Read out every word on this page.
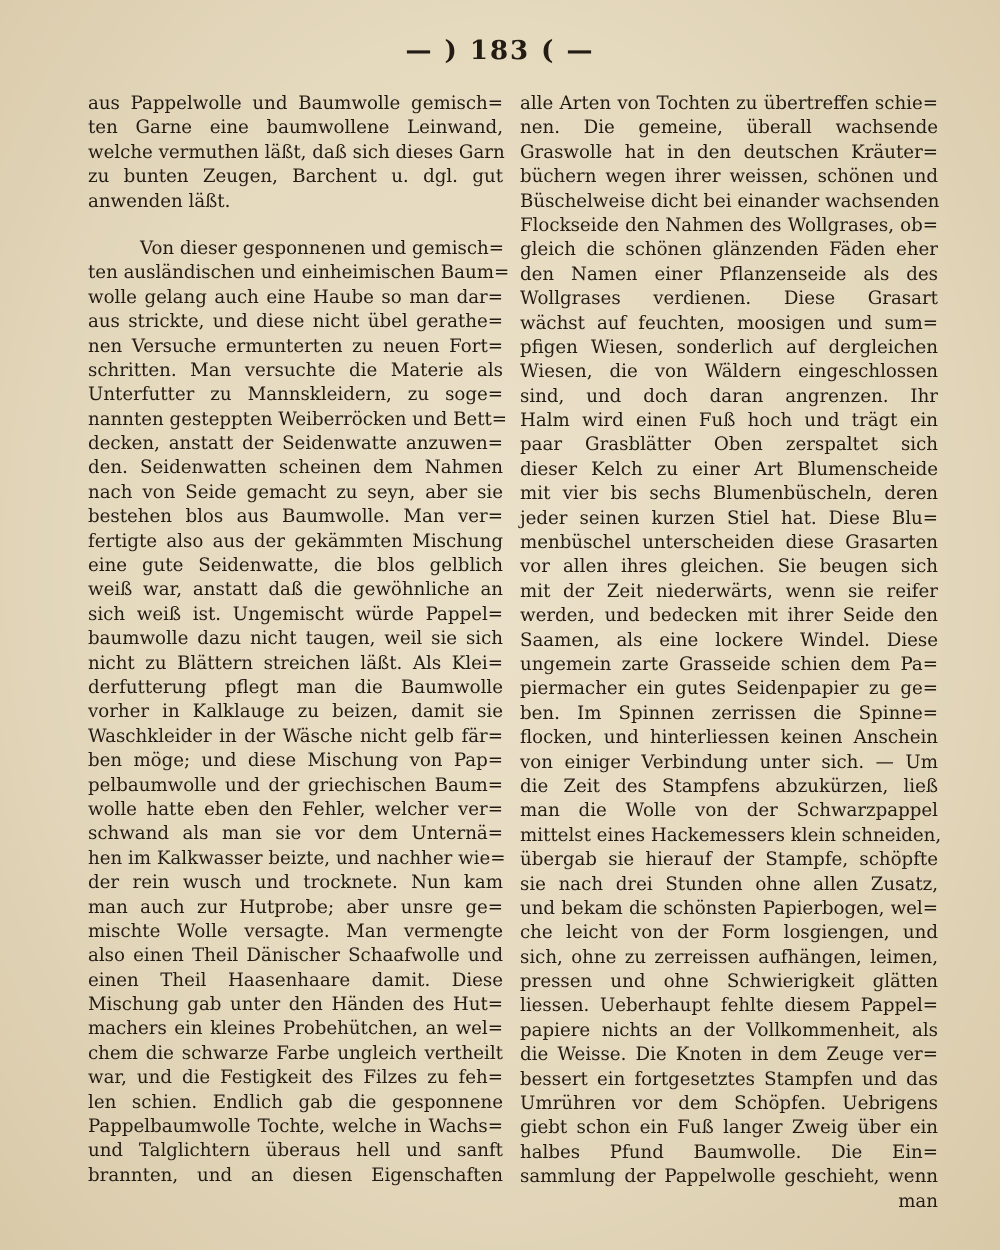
— ) 183 ( —
aus Pappelwolle und Baumwolle gemisch=
ten Garne eine baumwollene Leinwand,
welche vermuthen läßt, daß sich dieses Garn
zu bunten Zeugen, Barchent u. dgl. gut
anwenden läßt.
Von dieser gesponnenen und gemisch=
ten ausländischen und einheimischen Baum=
wolle gelang auch eine Haube so man dar=
aus strickte, und diese nicht übel gerathe=
nen Versuche ermunterten zu neuen Fort=
schritten. Man versuchte die Materie als
Unterfutter zu Mannskleidern, zu soge=
nannten gesteppten Weiberröcken und Bett=
decken, anstatt der Seidenwatte anzuwen=
den. Seidenwatten scheinen dem Nahmen
nach von Seide gemacht zu seyn, aber sie
bestehen blos aus Baumwolle. Man ver=
fertigte also aus der gekämmten Mischung
eine gute Seidenwatte, die blos gelblich
weiß war, anstatt daß die gewöhnliche an
sich weiß ist. Ungemischt würde Pappel=
baumwolle dazu nicht taugen, weil sie sich
nicht zu Blättern streichen läßt. Als Klei=
derfutterung pflegt man die Baumwolle
vorher in Kalklauge zu beizen, damit sie
Waschkleider in der Wäsche nicht gelb fär=
ben möge; und diese Mischung von Pap=
pelbaumwolle und der griechischen Baum=
wolle hatte eben den Fehler, welcher ver=
schwand als man sie vor dem Unternä=
hen im Kalkwasser beizte, und nachher wie=
der rein wusch und trocknete. Nun kam
man auch zur Hutprobe; aber unsre ge=
mischte Wolle versagte. Man vermengte
also einen Theil Dänischer Schaafwolle und
einen Theil Haasenhaare damit. Diese
Mischung gab unter den Händen des Hut=
machers ein kleines Probehütchen, an wel=
chem die schwarze Farbe ungleich vertheilt
war, und die Festigkeit des Filzes zu feh=
len schien. Endlich gab die gesponnene
Pappelbaumwolle Tochte, welche in Wachs=
und Talglichtern überaus hell und sanft
brannten, und an diesen Eigenschaften
alle Arten von Tochten zu übertreffen schie=
nen. Die gemeine, überall wachsende
Graswolle hat in den deutschen Kräuter=
büchern wegen ihrer weissen, schönen und
Büschelweise dicht bei einander wachsenden
Flockseide den Nahmen des Wollgrases, ob=
gleich die schönen glänzenden Fäden eher
den Namen einer Pflanzenseide als des
Wollgrases verdienen. Diese Grasart
wächst auf feuchten, moosigen und sum=
pfigen Wiesen, sonderlich auf dergleichen
Wiesen, die von Wäldern eingeschlossen
sind, und doch daran angrenzen. Ihr
Halm wird einen Fuß hoch und trägt ein
paar Grasblätter Oben zerspaltet sich
dieser Kelch zu einer Art Blumenscheide
mit vier bis sechs Blumenbüscheln, deren
jeder seinen kurzen Stiel hat. Diese Blu=
menbüschel unterscheiden diese Grasarten
vor allen ihres gleichen. Sie beugen sich
mit der Zeit niederwärts, wenn sie reifer
werden, und bedecken mit ihrer Seide den
Saamen, als eine lockere Windel. Diese
ungemein zarte Grasseide schien dem Pa=
piermacher ein gutes Seidenpapier zu ge=
ben. Im Spinnen zerrissen die Spinne=
flocken, und hinterliessen keinen Anschein
von einiger Verbindung unter sich. — Um
die Zeit des Stampfens abzukürzen, ließ
man die Wolle von der Schwarzpappel
mittelst eines Hackemessers klein schneiden,
übergab sie hierauf der Stampfe, schöpfte
sie nach drei Stunden ohne allen Zusatz,
und bekam die schönsten Papierbogen, wel=
che leicht von der Form losgiengen, und
sich, ohne zu zerreissen aufhängen, leimen,
pressen und ohne Schwierigkeit glätten
liessen. Ueberhaupt fehlte diesem Pappel=
papiere nichts an der Vollkommenheit, als
die Weisse. Die Knoten in dem Zeuge ver=
bessert ein fortgesetztes Stampfen und das
Umrühren vor dem Schöpfen. Uebrigens
giebt schon ein Fuß langer Zweig über ein
halbes Pfund Baumwolle. Die Ein=
sammlung der Pappelwolle geschieht, wenn
man
